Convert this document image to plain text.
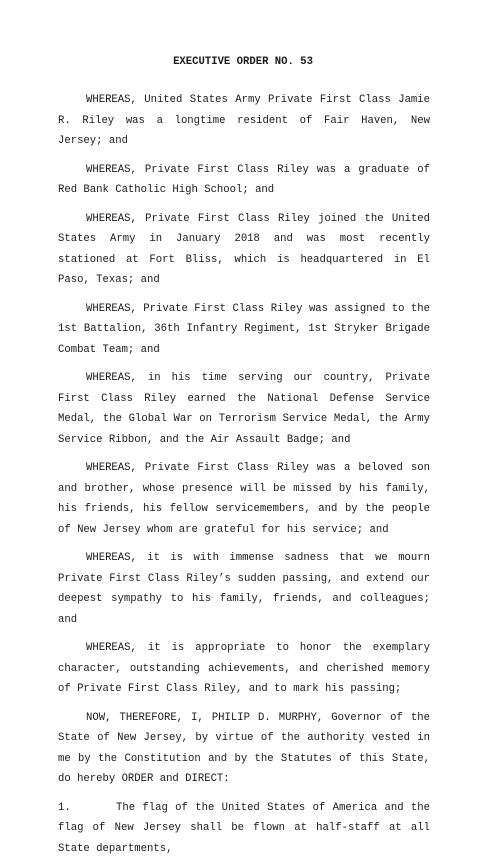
EXECUTIVE ORDER NO. 53

WHEREAS, United States Army Private First Class Jamie R. Riley was a longtime resident of Fair Haven, New Jersey; and

WHEREAS, Private First Class Riley was a graduate of Red Bank Catholic High School; and

WHEREAS, Private First Class Riley joined the United States Army in January 2018 and was most recently stationed at Fort Bliss, which is headquartered in El Paso, Texas; and

WHEREAS, Private First Class Riley was assigned to the 1st Battalion, 36th Infantry Regiment, 1st Stryker Brigade Combat Team; and

WHEREAS, in his time serving our country, Private First Class Riley earned the National Defense Service Medal, the Global War on Terrorism Service Medal, the Army Service Ribbon, and the Air Assault Badge; and

WHEREAS, Private First Class Riley was a beloved son and brother, whose presence will be missed by his family, his friends, his fellow servicemembers, and by the people of New Jersey whom are grateful for his service; and

WHEREAS, it is with immense sadness that we mourn Private First Class Riley’s sudden passing, and extend our deepest sympathy to his family, friends, and colleagues; and

WHEREAS, it is appropriate to honor the exemplary character, outstanding achievements, and cherished memory of Private First Class Riley, and to mark his passing;

NOW, THEREFORE, I, PHILIP D. MURPHY, Governor of the State of New Jersey, by virtue of the authority vested in me by the Constitution and by the Statutes of this State, do hereby ORDER and DIRECT:

1.	The flag of the United States of America and the flag of New Jersey shall be flown at half-staff at all State departments,
